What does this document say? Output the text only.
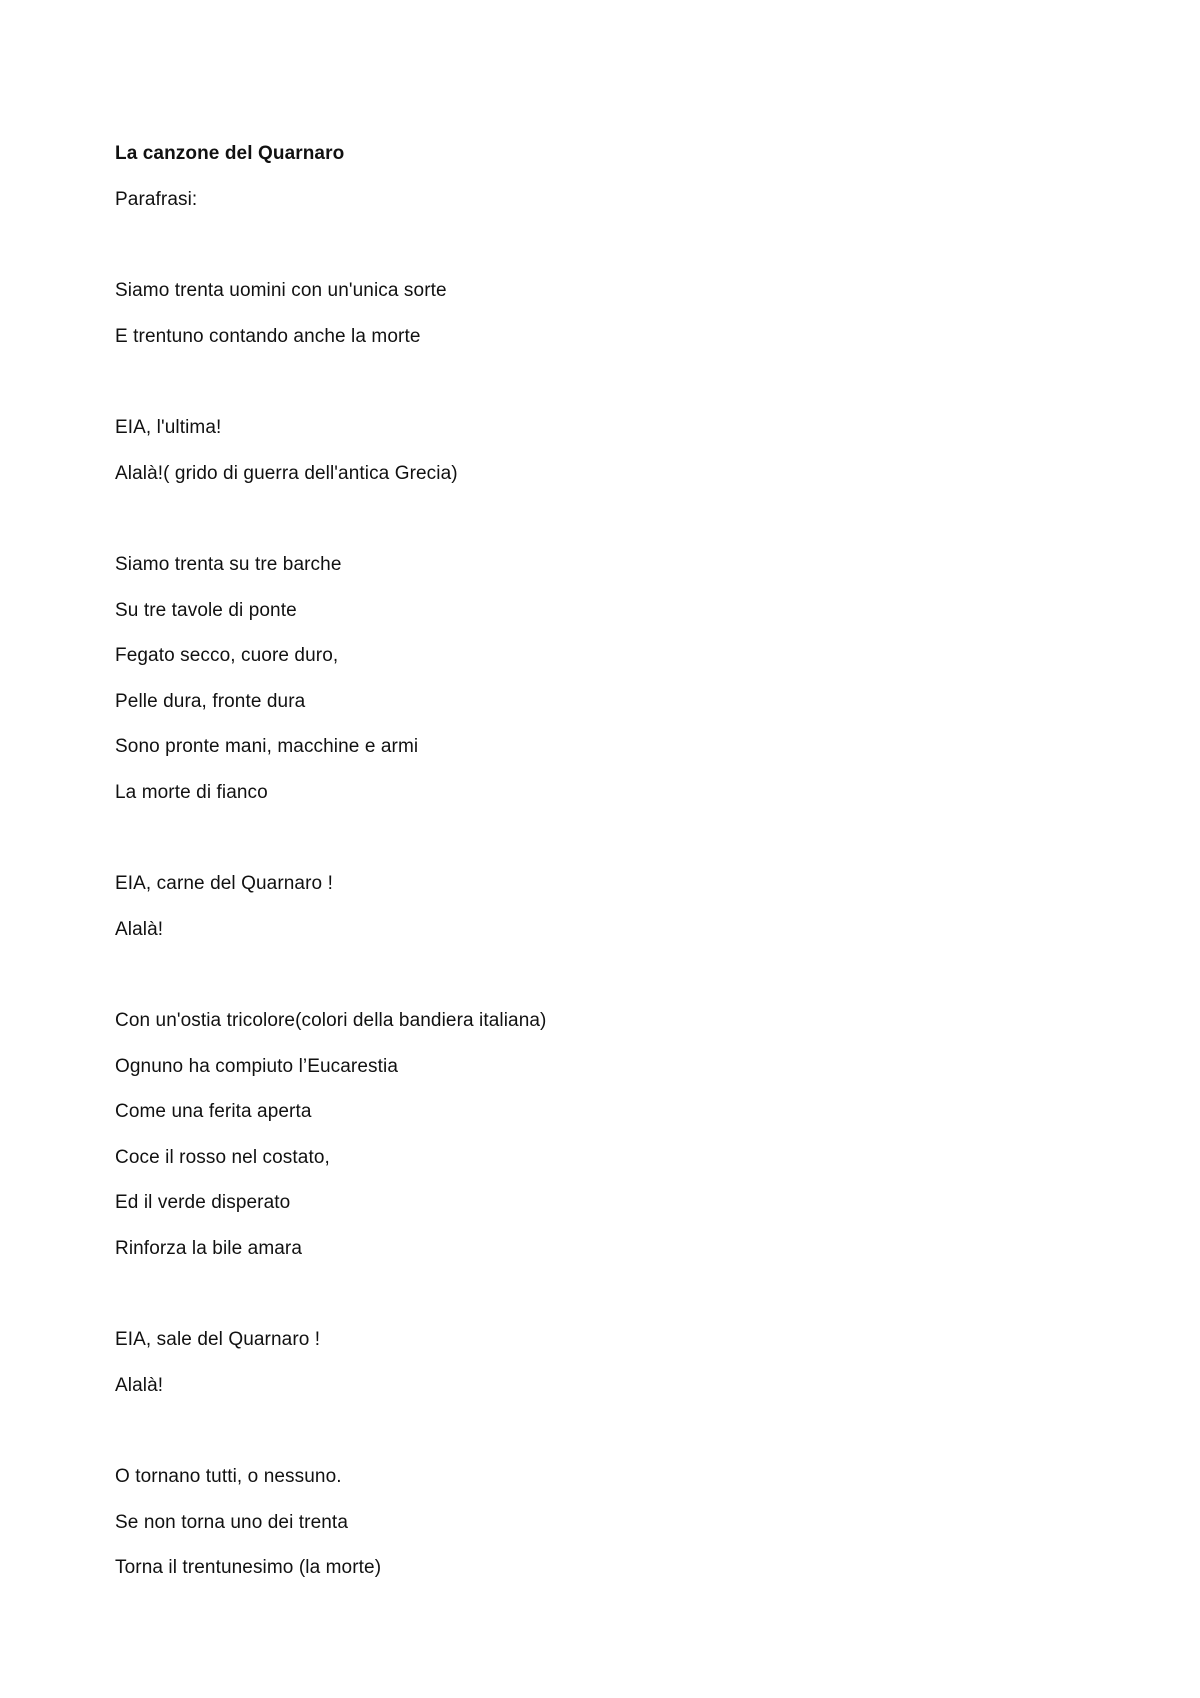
La canzone del Quarnaro
Parafrasi:
Siamo trenta uomini con un'unica sorte
E trentuno contando anche la morte
EIA, l'ultima!
Alalà!( grido di guerra dell'antica Grecia)
Siamo trenta su tre barche
Su tre tavole di ponte
Fegato secco, cuore duro,
Pelle dura, fronte dura
Sono pronte mani, macchine e armi
La morte di fianco
EIA, carne del Quarnaro !
Alalà!
Con un'ostia tricolore(colori della bandiera italiana)
Ognuno ha compiuto l’Eucarestia
Come una ferita aperta
Coce il rosso nel costato,
Ed il verde disperato
Rinforza la bile amara
EIA, sale del Quarnaro !
Alalà!
O tornano tutti, o nessuno.
Se non torna uno dei trenta
Torna il trentunesimo (la morte)
